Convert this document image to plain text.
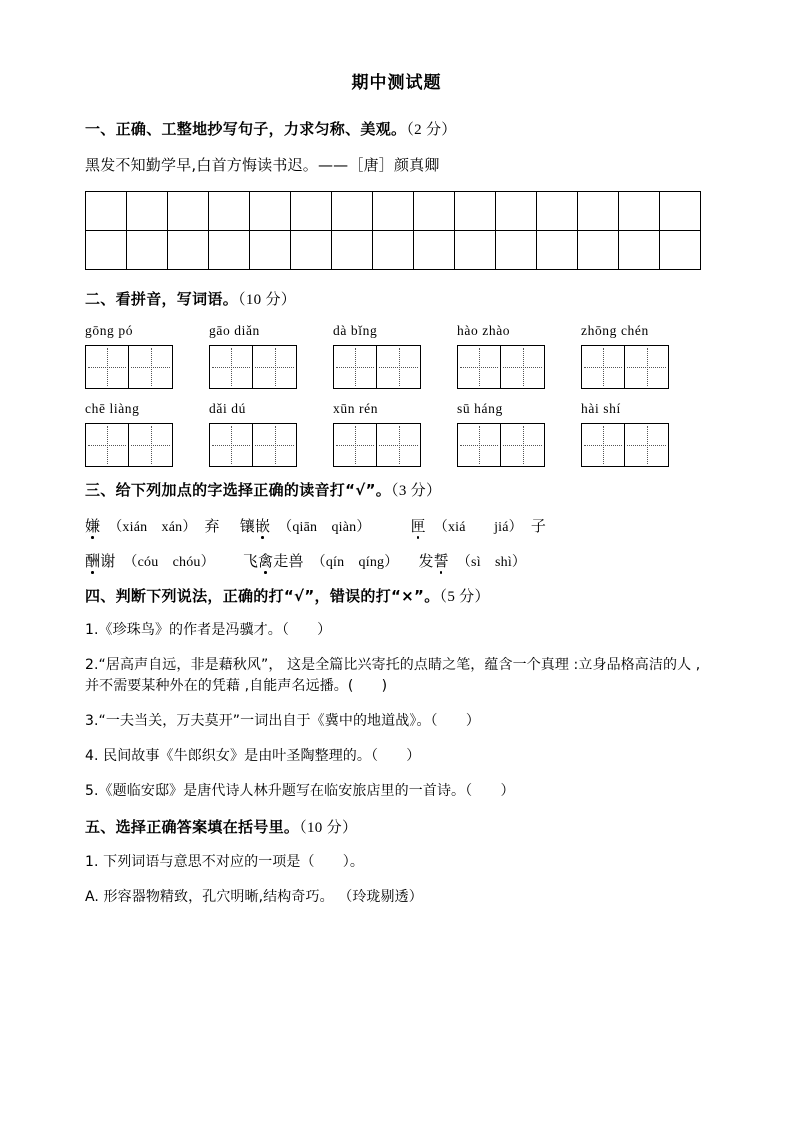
期中测试题

一、正确、工整地抄写句子，力求匀称、美观。（2 分）

黑发不知勤学早,白首方悔读书迟。——［唐］颜真卿

二、看拼音，写词语。（10 分）

gōng pó	gāo diǎn	dà bǐng	hào zhào	zhōng chén
chē liàng	dǎi dú	xūn rén	sū háng	hài shí

三、给下列加点的字选择正确的读音打“√”。（3 分）

嫌 （xián　xán） 弃 镶嵌 （qiān　qiàn）	匣 （xiá　　jiá） 子

酬谢 （cóu　chóu） 飞禽走兽 （qín　qíng） 发誓 （sì　shì）

四、判断下列说法，正确的打“√”，错误的打“×”。（5 分）

1.《珍珠鸟》的作者是冯骥才。（　　）

2.“居高声自远，非是藉秋风”， 这是全篇比兴寄托的点睛之笔，蕴含一个真理 :立身品格高洁的人 ,并不需要某种外在的凭藉 ,自能声名远播。(　　)

3.“一夫当关，万夫莫开”一词出自于《冀中的地道战》。（　　）

4. 民间故事《牛郎织女》是由叶圣陶整理的。（　　）

5.《题临安邸》是唐代诗人林升题写在临安旅店里的一首诗。（　　）

五、选择正确答案填在括号里。（10 分）

1. 下列词语与意思不对应的一项是（　　）。

A. 形容器物精致，孔穴明晰,结构奇巧。 （玲珑剔透）
